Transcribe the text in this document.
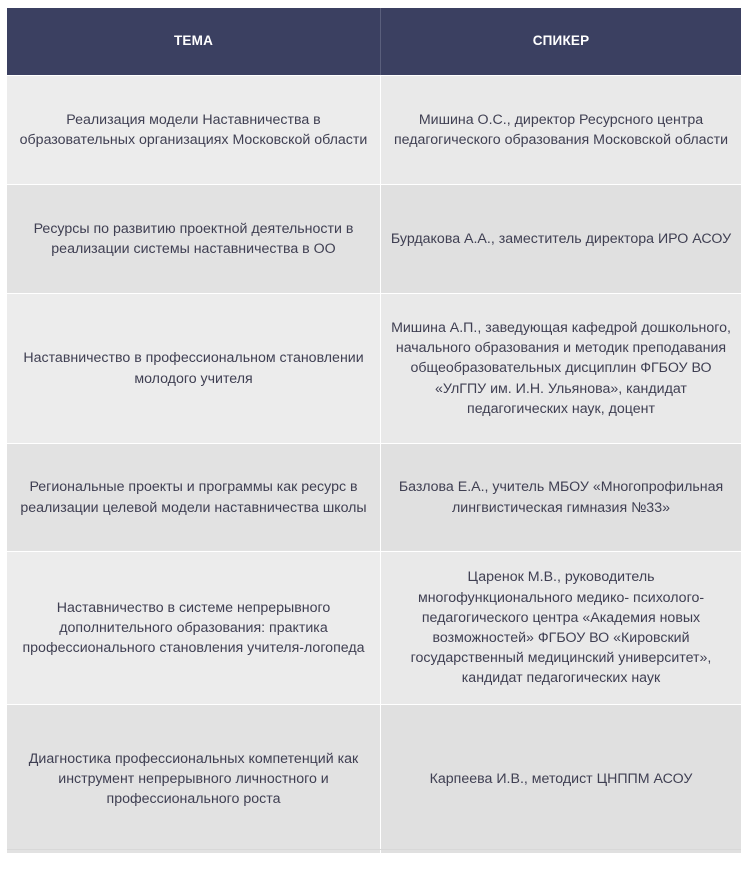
ТЕМА	СПИКЕР
Реализация модели Наставничества в образовательных организациях Московской области
Мишина О.С., директор Ресурсного центра педагогического образования Московской области
Ресурсы по развитию проектной деятельности в реализации системы наставничества в ОО
Бурдакова А.А., заместитель директора ИРО АСОУ
Наставничество в профессиональном становлении молодого учителя
Мишина А.П., заведующая кафедрой дошкольного, начального образования и методик преподавания общеобразовательных дисциплин ФГБОУ ВО «УлГПУ им. И.Н. Ульянова», кандидат педагогических наук, доцент
Региональные проекты и программы как ресурс в реализации целевой модели наставничества школы
Базлова Е.А., учитель МБОУ «Многопрофильная лингвистическая гимназия №33»
Наставничество в системе непрерывного дополнительного образования: практика профессионального становления учителя-логопеда
Царенок М.В., руководитель многофункционального медико- психолого-педагогического центра «Академия новых возможностей» ФГБОУ ВО «Кировский государственный медицинский университет», кандидат педагогических наук
Диагностика профессиональных компетенций как инструмент непрерывного личностного и профессионального роста
Карпеева И.В., методист ЦНППМ АСОУ
